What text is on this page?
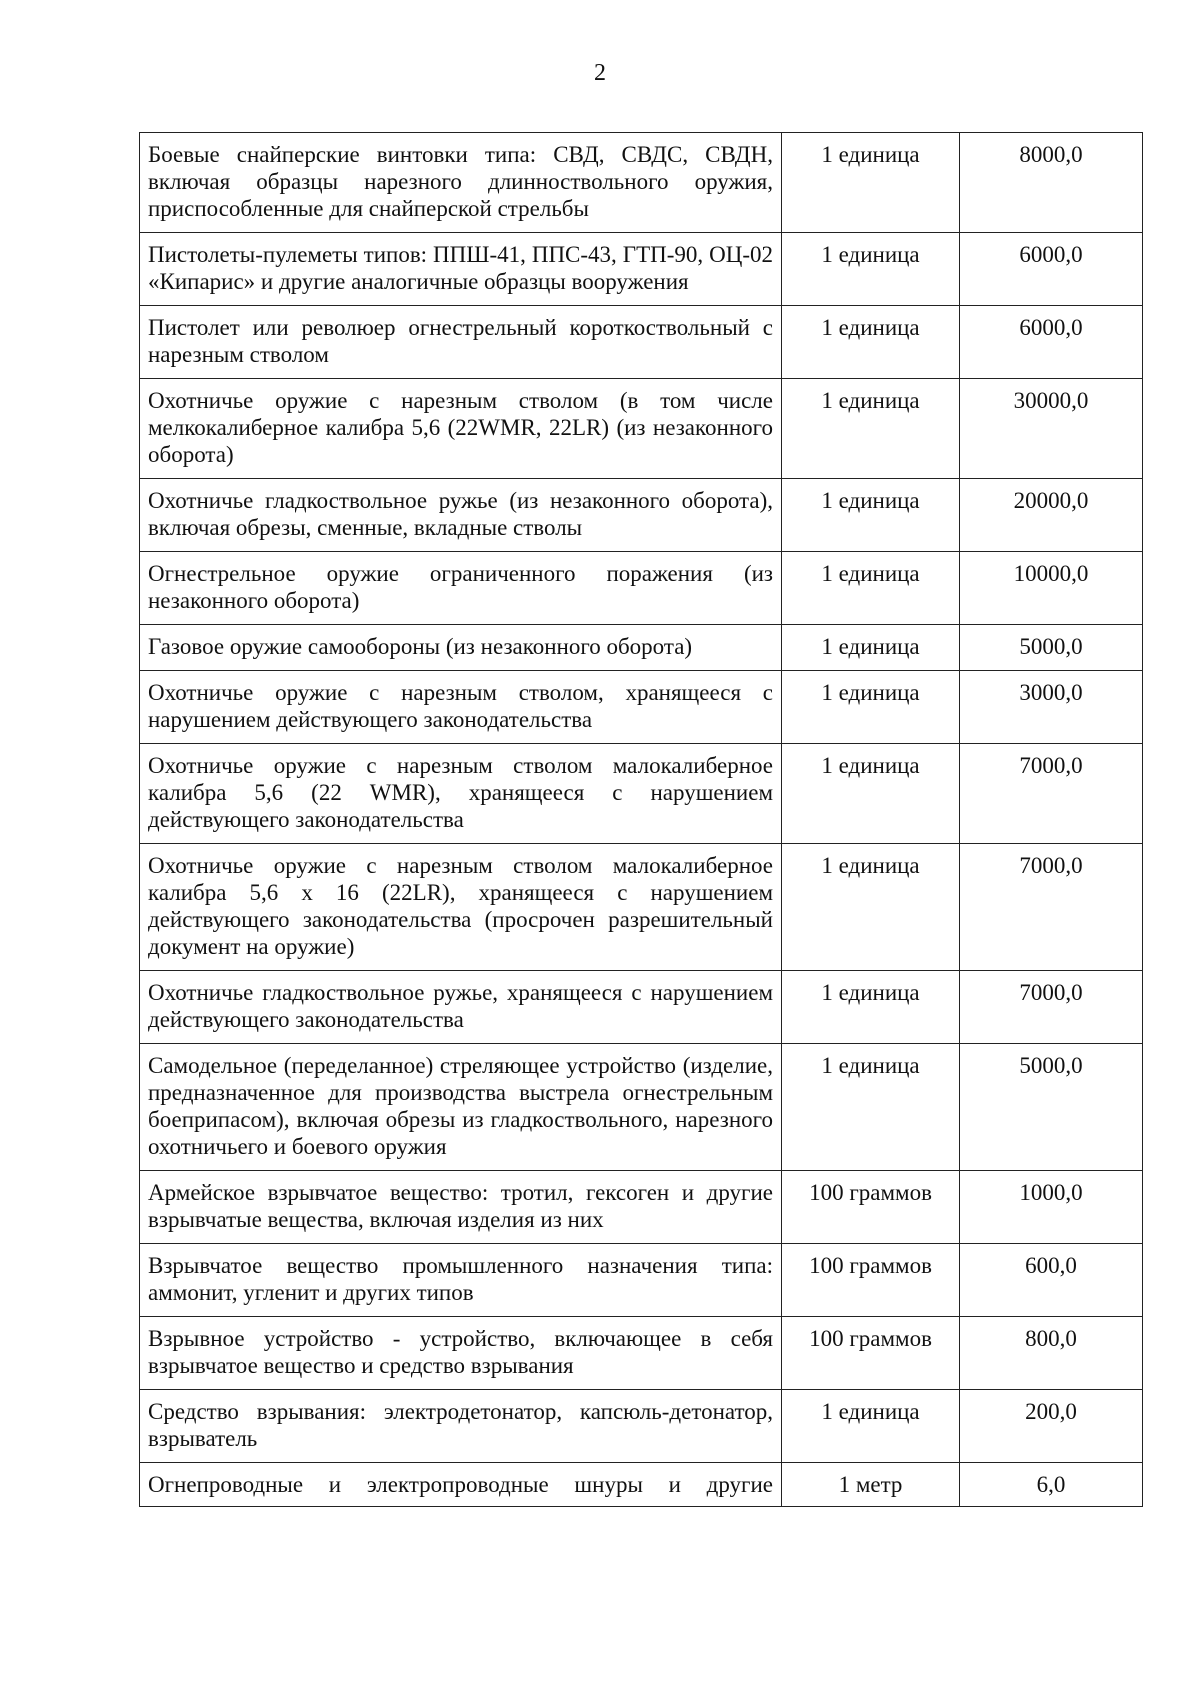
2
Боевые снайперские винтовки типа: СВД, СВДС, СВДН, включая образцы нарезного длинноствольного оружия, приспособленные для снайперской стрельбы	1 единица	8000,0
Пистолеты-пулеметы типов: ППШ-41, ППС-43, ГТП-90, ОЦ-02 «Кипарис» и другие аналогичные образцы вооружения	1 единица	6000,0
Пистолет или революер огнестрельный короткоствольный с нарезным стволом	1 единица	6000,0
Охотничье оружие с нарезным стволом (в том числе мелкокалиберное калибра 5,6 (22WMR, 22LR) (из незаконного оборота)	1 единица	30000,0
Охотничье гладкоствольное ружье (из незаконного оборота), включая обрезы, сменные, вкладные стволы	1 единица	20000,0
Огнестрельное оружие ограниченного поражения (из незаконного оборота)	1 единица	10000,0
Газовое оружие самообороны (из незаконного оборота)	1 единица	5000,0
Охотничье оружие с нарезным стволом, хранящееся с нарушением действующего законодательства	1 единица	3000,0
Охотничье оружие с нарезным стволом малокалиберное калибра 5,6 (22 WMR), хранящееся с нарушением действующего законодательства	1 единица	7000,0
Охотничье оружие с нарезным стволом малокалиберное калибра 5,6 х 16 (22LR), хранящееся с нарушением действующего законодательства (просрочен разрешительный документ на оружие)	1 единица	7000,0
Охотничье гладкоствольное ружье, хранящееся с нарушением действующего законодательства	1 единица	7000,0
Самодельное (переделанное) стреляющее устройство (изделие, предназначенное для производства выстрела огнестрельным боеприпасом), включая обрезы из гладкоствольного, нарезного охотничьего и боевого оружия	1 единица	5000,0
Армейское взрывчатое вещество: тротил, гексоген и другие взрывчатые вещества, включая изделия из них	100 граммов	1000,0
Взрывчатое вещество промышленного назначения типа: аммонит, угленит и других типов	100 граммов	600,0
Взрывное устройство - устройство, включающее в себя взрывчатое вещество и средство взрывания	100 граммов	800,0
Средство взрывания: электродетонатор, капсюль-детонатор, взрыватель	1 единица	200,0
Огнепроводные и электропроводные шнуры и другие	1 метр	6,0
